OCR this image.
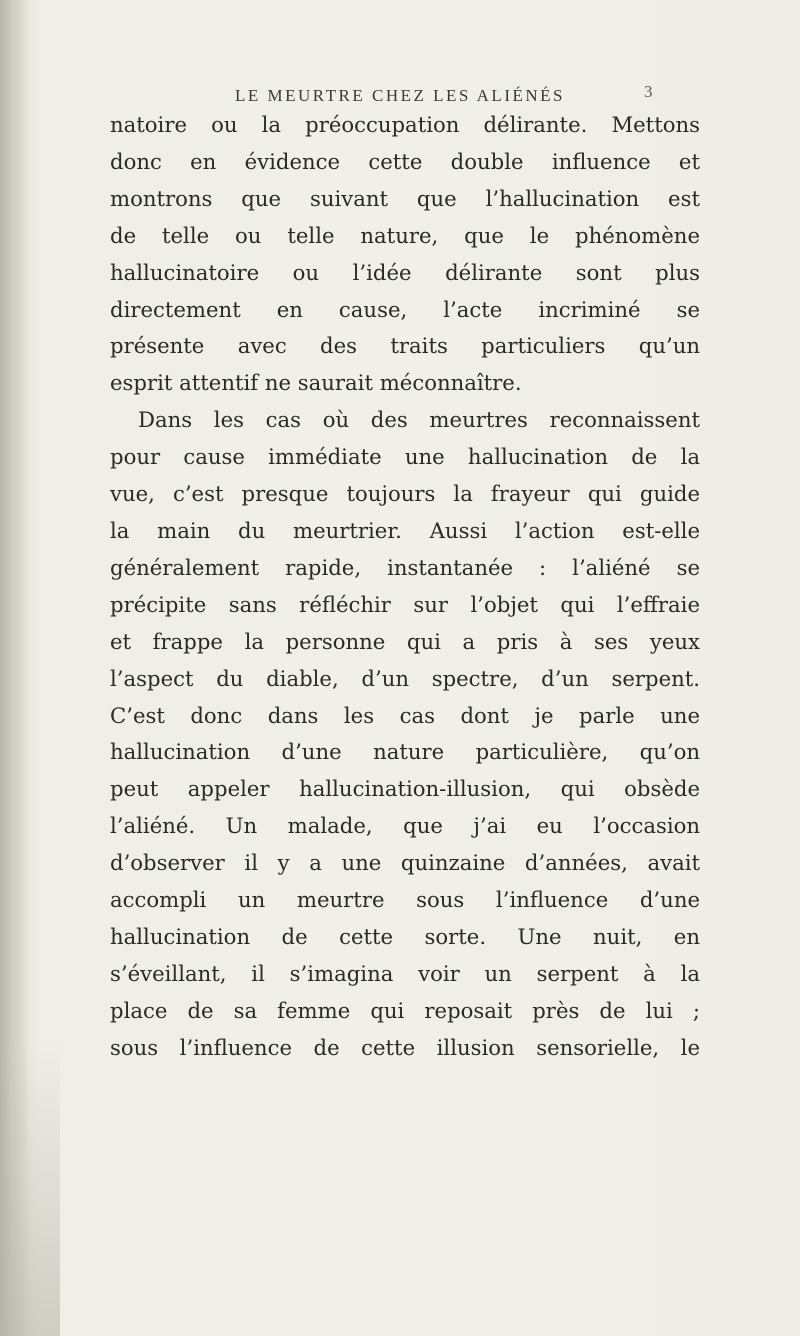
LE MEURTRE CHEZ LES ALIÉNÉS	3
natoire ou la préoccupation délirante. Mettons
donc en évidence cette double influence et
montrons que suivant que l’hallucination est
de telle ou telle nature, que le phénomène
hallucinatoire ou l’idée délirante sont plus
directement en cause, l’acte incriminé se
présente avec des traits particuliers qu’un
esprit attentif ne saurait méconnaître.
Dans les cas où des meurtres reconnaissent
pour cause immédiate une hallucination de la
vue, c’est presque toujours la frayeur qui guide
la main du meurtrier. Aussi l’action est-elle
généralement rapide, instantanée : l’aliéné se
précipite sans réfléchir sur l’objet qui l’effraie
et frappe la personne qui a pris à ses yeux
l’aspect du diable, d’un spectre, d’un serpent.
C’est donc dans les cas dont je parle une
hallucination d’une nature particulière, qu’on
peut appeler hallucination-illusion, qui obsède
l’aliéné. Un malade, que j’ai eu l’occasion
d’observer il y a une quinzaine d’années, avait
accompli un meurtre sous l’influence d’une
hallucination de cette sorte. Une nuit, en
s’éveillant, il s’imagina voir un serpent à la
place de sa femme qui reposait près de lui ;
sous l’influence de cette illusion sensorielle, le
